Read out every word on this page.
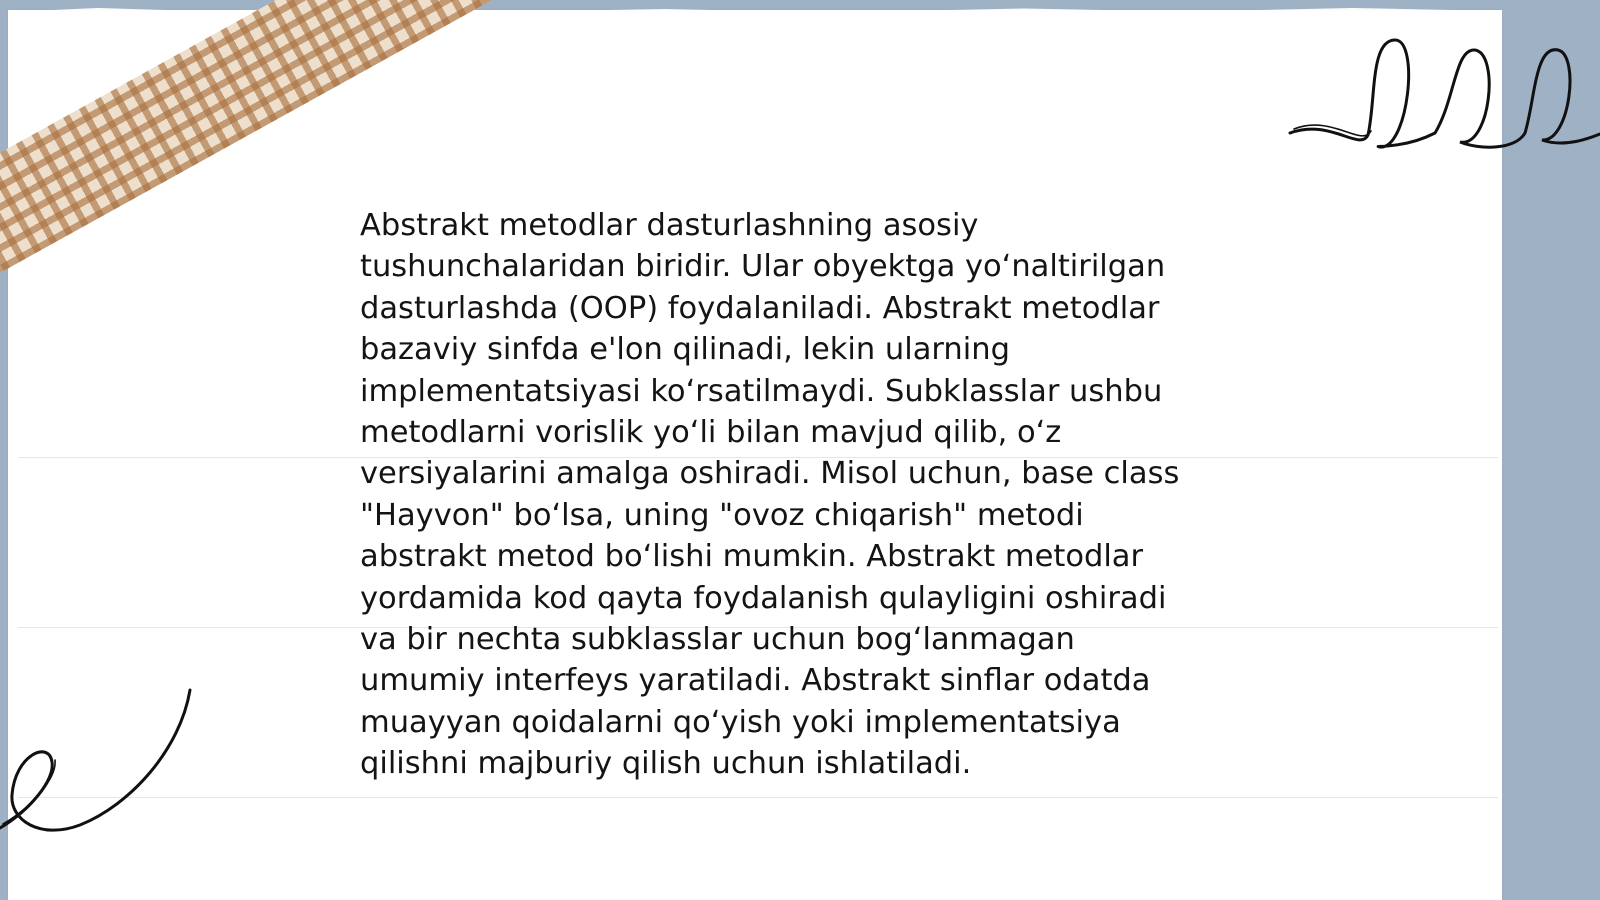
Abstrakt metodlar dasturlashning asosiy
tushunchalaridan biridir. Ular obyektga yo‘naltirilgan
dasturlashda (OOP) foydalaniladi. Abstrakt metodlar
bazaviy sinfda e'lon qilinadi, lekin ularning
implementatsiyasi ko‘rsatilmaydi. Subklasslar ushbu
metodlarni vorislik yo‘li bilan mavjud qilib, o‘z
versiyalarini amalga oshiradi. Misol uchun, base class
"Hayvon" bo‘lsa, uning "ovoz chiqarish" metodi
abstrakt metod bo‘lishi mumkin. Abstrakt metodlar
yordamida kod qayta foydalanish qulayligini oshiradi
va bir nechta subklasslar uchun bog‘lanmagan
umumiy interfeys yaratiladi. Abstrakt sinflar odatda
muayyan qoidalarni qo‘yish yoki implementatsiya
qilishni majburiy qilish uchun ishlatiladi.
